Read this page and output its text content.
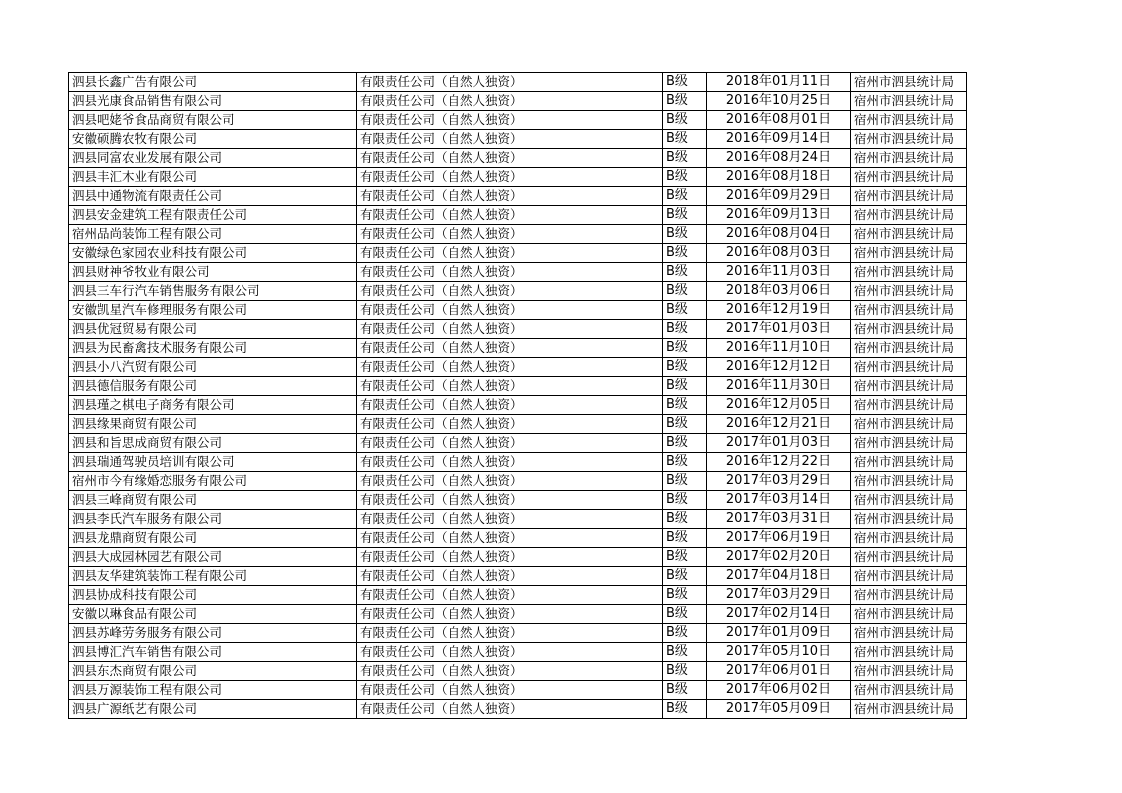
泗县长鑫广告有限公司	有限责任公司（自然人独资）	B级	2018年01月11日	宿州市泗县统计局
泗县光康食品销售有限公司	有限责任公司（自然人独资）	B级	2016年10月25日	宿州市泗县统计局
泗县吧姥爷食品商贸有限公司	有限责任公司（自然人独资）	B级	2016年08月01日	宿州市泗县统计局
安徽硕腾农牧有限公司	有限责任公司（自然人独资）	B级	2016年09月14日	宿州市泗县统计局
泗县同富农业发展有限公司	有限责任公司（自然人独资）	B级	2016年08月24日	宿州市泗县统计局
泗县丰汇木业有限公司	有限责任公司（自然人独资）	B级	2016年08月18日	宿州市泗县统计局
泗县中通物流有限责任公司	有限责任公司（自然人独资）	B级	2016年09月29日	宿州市泗县统计局
泗县安金建筑工程有限责任公司	有限责任公司（自然人独资）	B级	2016年09月13日	宿州市泗县统计局
宿州品尚装饰工程有限公司	有限责任公司（自然人独资）	B级	2016年08月04日	宿州市泗县统计局
安徽绿色家园农业科技有限公司	有限责任公司（自然人独资）	B级	2016年08月03日	宿州市泗县统计局
泗县财神爷牧业有限公司	有限责任公司（自然人独资）	B级	2016年11月03日	宿州市泗县统计局
泗县三车行汽车销售服务有限公司	有限责任公司（自然人独资）	B级	2018年03月06日	宿州市泗县统计局
安徽凯星汽车修理服务有限公司	有限责任公司（自然人独资）	B级	2016年12月19日	宿州市泗县统计局
泗县优冠贸易有限公司	有限责任公司（自然人独资）	B级	2017年01月03日	宿州市泗县统计局
泗县为民畜禽技术服务有限公司	有限责任公司（自然人独资）	B级	2016年11月10日	宿州市泗县统计局
泗县小八汽贸有限公司	有限责任公司（自然人独资）	B级	2016年12月12日	宿州市泗县统计局
泗县德信服务有限公司	有限责任公司（自然人独资）	B级	2016年11月30日	宿州市泗县统计局
泗县瑾之棋电子商务有限公司	有限责任公司（自然人独资）	B级	2016年12月05日	宿州市泗县统计局
泗县缘果商贸有限公司	有限责任公司（自然人独资）	B级	2016年12月21日	宿州市泗县统计局
泗县和旨思成商贸有限公司	有限责任公司（自然人独资）	B级	2017年01月03日	宿州市泗县统计局
泗县瑞通驾驶员培训有限公司	有限责任公司（自然人独资）	B级	2016年12月22日	宿州市泗县统计局
宿州市今有缘婚恋服务有限公司	有限责任公司（自然人独资）	B级	2017年03月29日	宿州市泗县统计局
泗县三峰商贸有限公司	有限责任公司（自然人独资）	B级	2017年03月14日	宿州市泗县统计局
泗县李氏汽车服务有限公司	有限责任公司（自然人独资）	B级	2017年03月31日	宿州市泗县统计局
泗县龙鼎商贸有限公司	有限责任公司（自然人独资）	B级	2017年06月19日	宿州市泗县统计局
泗县大成园林园艺有限公司	有限责任公司（自然人独资）	B级	2017年02月20日	宿州市泗县统计局
泗县友华建筑装饰工程有限公司	有限责任公司（自然人独资）	B级	2017年04月18日	宿州市泗县统计局
泗县协成科技有限公司	有限责任公司（自然人独资）	B级	2017年03月29日	宿州市泗县统计局
安徽以琳食品有限公司	有限责任公司（自然人独资）	B级	2017年02月14日	宿州市泗县统计局
泗县苏峰劳务服务有限公司	有限责任公司（自然人独资）	B级	2017年01月09日	宿州市泗县统计局
泗县博汇汽车销售有限公司	有限责任公司（自然人独资）	B级	2017年05月10日	宿州市泗县统计局
泗县东杰商贸有限公司	有限责任公司（自然人独资）	B级	2017年06月01日	宿州市泗县统计局
泗县万源装饰工程有限公司	有限责任公司（自然人独资）	B级	2017年06月02日	宿州市泗县统计局
泗县广源纸艺有限公司	有限责任公司（自然人独资）	B级	2017年05月09日	宿州市泗县统计局
